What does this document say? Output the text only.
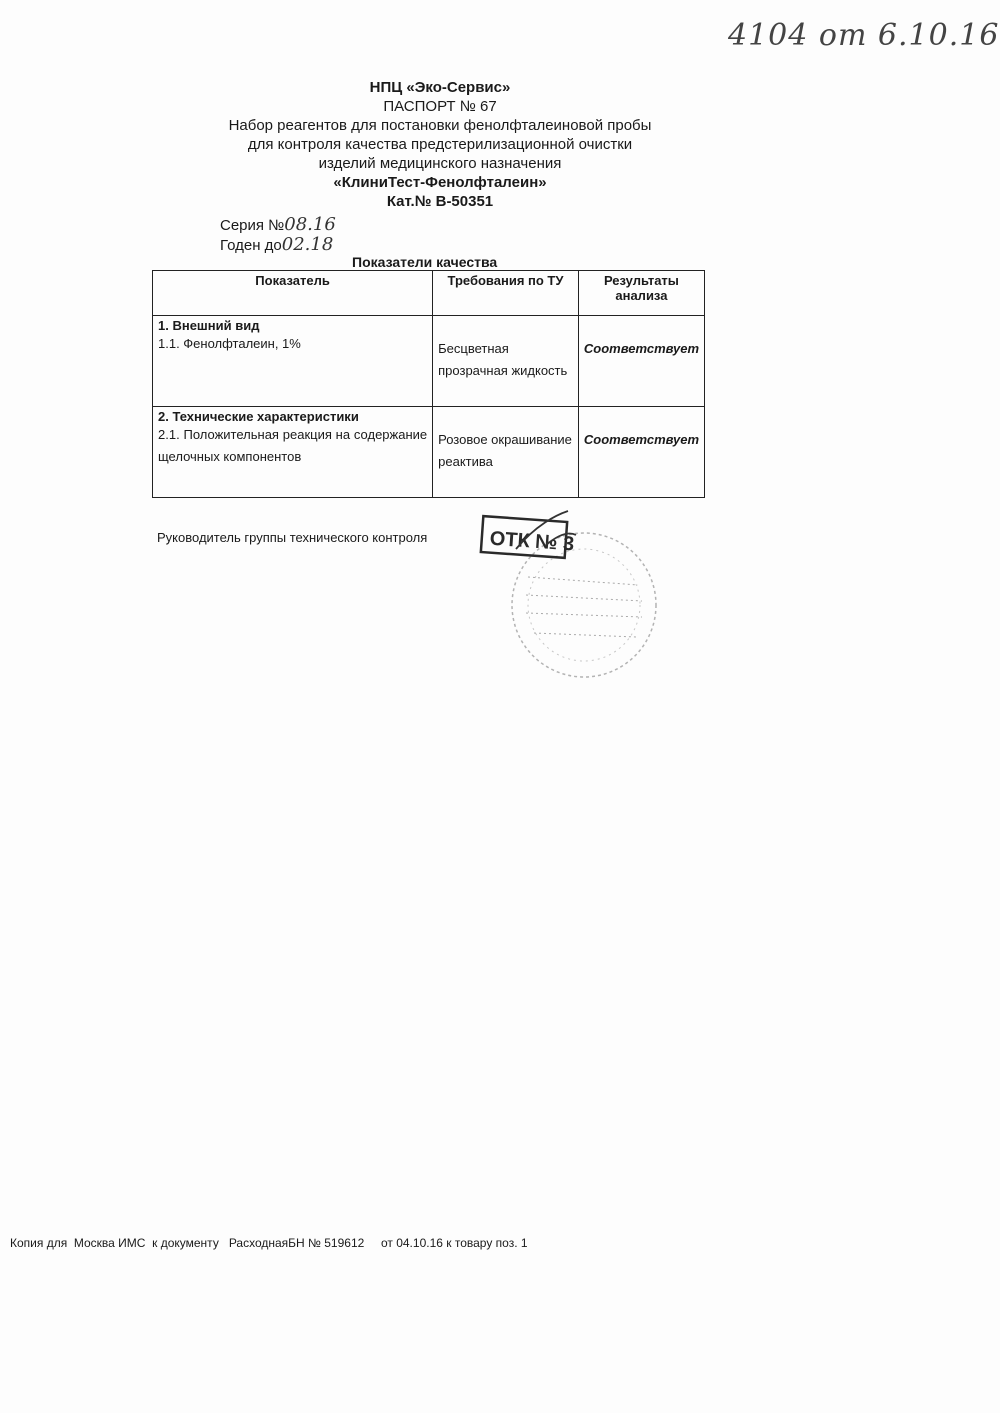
4104 от 6.10.16
НПЦ «Эко-Сервис»
ПАСПОРТ № 67
Набор реагентов для постановки фенолфталеиновой пробы
для контроля качества предстерилизационной очистки
изделий медицинского назначения
«КлиниТест-Фенолфталеин»
Кат.№ В-50351
Серия №08.16
Годен до02.18
Показатели качества
Показатель	Требования по ТУ	Результаты анализа

1. Внешний вид
1.1. Фенолфталеин, 1%	Бесцветная прозрачная жидкость	Соответствует

2. Технические характеристики
2.1. Положительная реакция на содержание щелочных компонентов	Розовое окрашивание реактива	Соответствует
Руководитель группы технического контроля	ОТК № 3
Копия для  Москва ИМС  к документу   РасходнаяБН № 519612     от 04.10.16 к товару поз. 1
